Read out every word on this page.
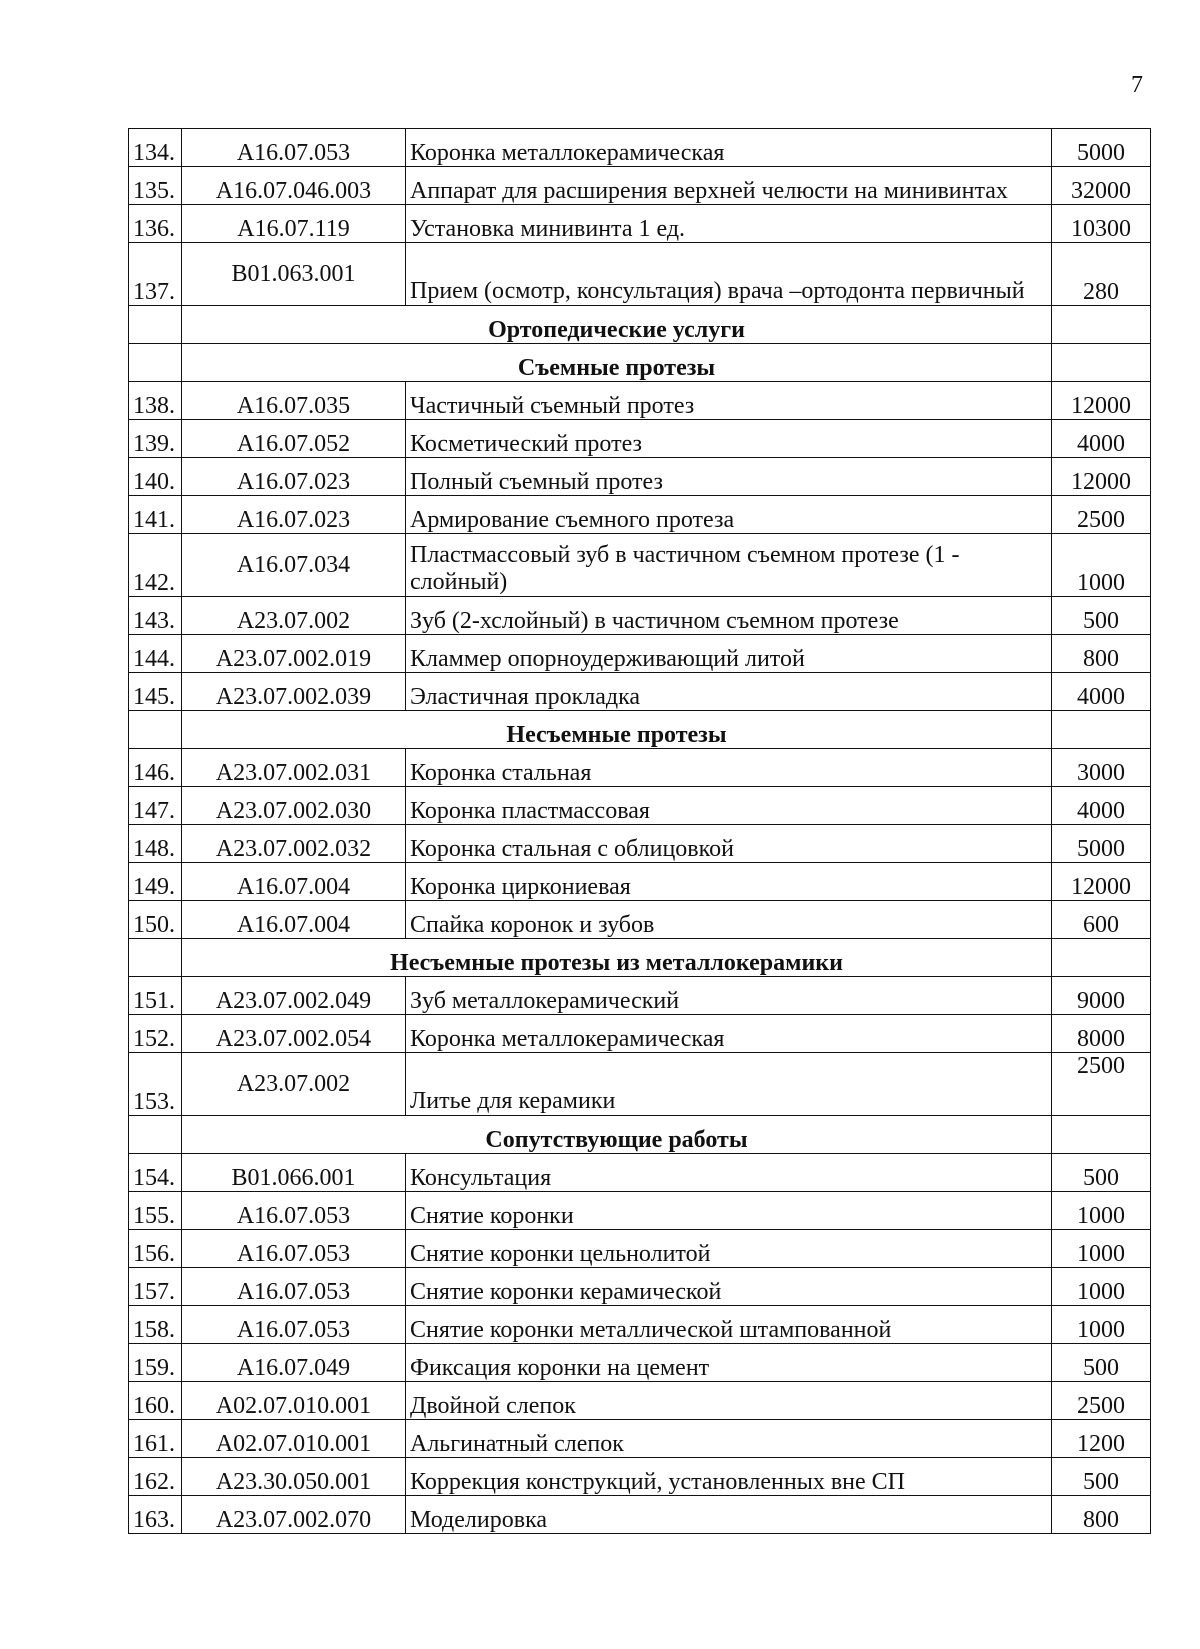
7
134.	А16.07.053	Коронка металлокерамическая	5000
135.	А16.07.046.003	Аппарат для расширения верхней челюсти на минивинтах	32000
136.	А16.07.119	Установка минивинта 1 ед.	10300
137.	В01.063.001	Прием (осмотр, консультация) врача –ортодонта первичный	280
	Ортопедические услуги		
	Съемные протезы		
138.	А16.07.035	Частичный съемный протез	12000
139.	А16.07.052	Косметический протез	4000
140.	А16.07.023	Полный съемный протез	12000
141.	А16.07.023	Армирование съемного протеза	2500
142.	А16.07.034	Пластмассовый зуб в частичном съемном протезе (1 - слойный)	1000
143.	А23.07.002	Зуб (2-хслойный) в частичном съемном протезе	500
144.	А23.07.002.019	Кламмер опорноудерживающий литой	800
145.	А23.07.002.039	Эластичная прокладка	4000
	Несъемные протезы		
146.	А23.07.002.031	Коронка стальная	3000
147.	А23.07.002.030	Коронка пластмассовая	4000
148.	А23.07.002.032	Коронка стальная с облицовкой	5000
149.	А16.07.004	Коронка циркониевая	12000
150.	А16.07.004	Спайка коронок и зубов	600
	Несъемные протезы из металлокерамики		
151.	А23.07.002.049	Зуб металлокерамический	9000
152.	А23.07.002.054	Коронка металлокерамическая	8000
153.	А23.07.002	Литье для керамики	2500
	Сопутствующие работы		
154.	В01.066.001	Консультация	500
155.	А16.07.053	Снятие коронки	1000
156.	А16.07.053	Снятие коронки цельнолитой	1000
157.	А16.07.053	Снятие коронки керамической	1000
158.	А16.07.053	Снятие коронки металлической штампованной	1000
159.	А16.07.049	Фиксация коронки на цемент	500
160.	А02.07.010.001	Двойной слепок	2500
161.	А02.07.010.001	Альгинатный слепок	1200
162.	А23.30.050.001	Коррекция конструкций, установленных вне СП	500
163.	А23.07.002.070	Моделировка	800
